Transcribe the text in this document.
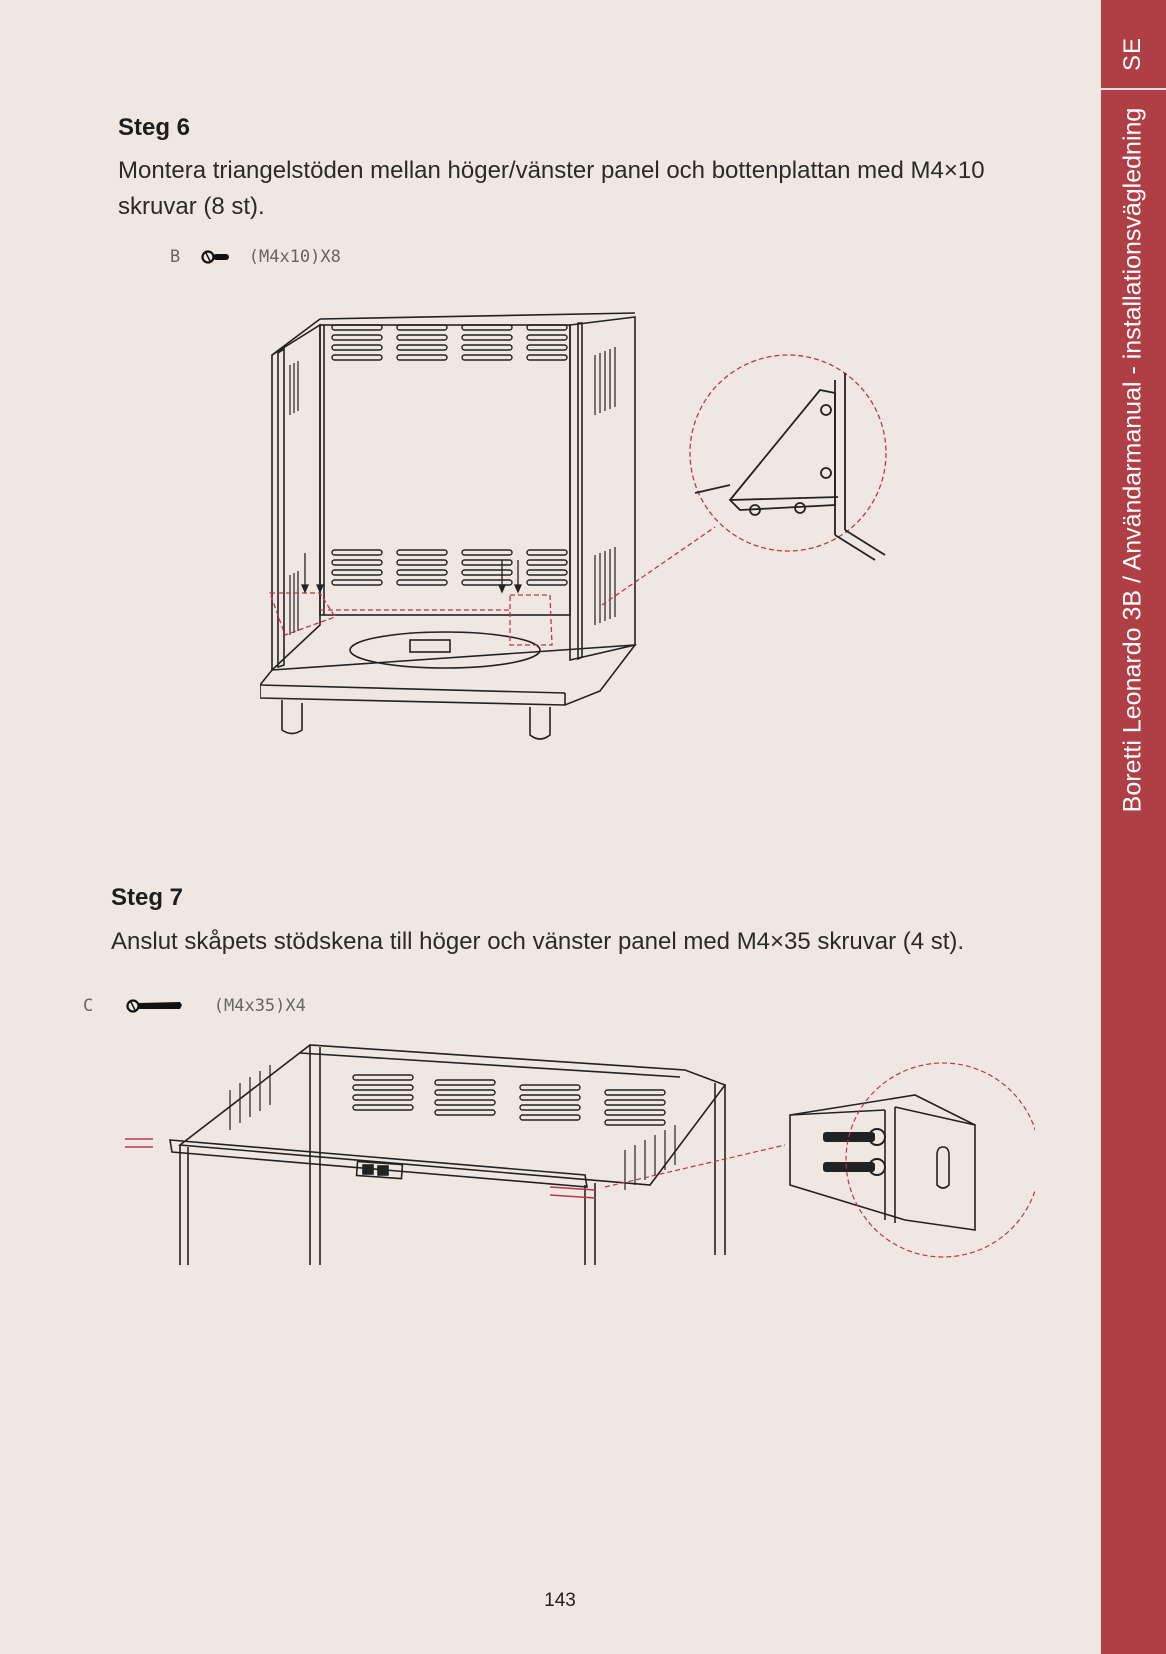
SE
Boretti Leonardo 3B / Användarmanual - installationsvägledning
Steg 6
Montera triangelstöden mellan höger/vänster panel och bottenplattan med M4×10 skruvar (8 st).
B	(M4x10)X8
Steg 7
Anslut skåpets stödskena till höger och vänster panel med M4×35 skruvar (4 st).
C	(M4x35)X4
143
